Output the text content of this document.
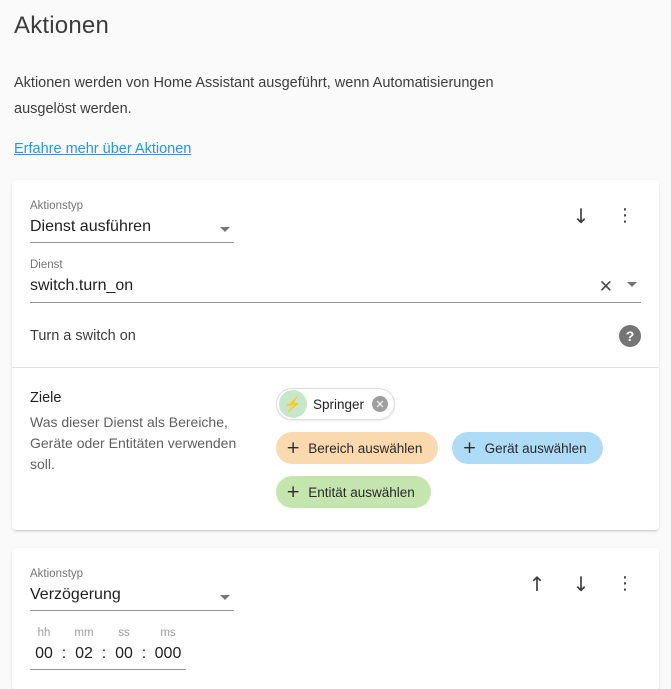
Aktionen
Aktionen werden von Home Assistant ausgeführt, wenn Automatisierungen ausgelöst werden.
Erfahre mehr über Aktionen
Aktionstyp
Dienst ausführen	↓ ⋮
Dienst
switch.turn_on	✕
Turn a switch on	?
Ziele
Was dieser Dienst als Bereiche, Geräte oder Entitäten verwenden soll.
⚡ Springer	✕
+ Bereich auswählen + Gerät auswählen
+ Entität auswählen
Aktionstyp
Verzögerung	↑ ↓ ⋮
hh	mm	ss	ms
00 : 02 : 00 : 000
